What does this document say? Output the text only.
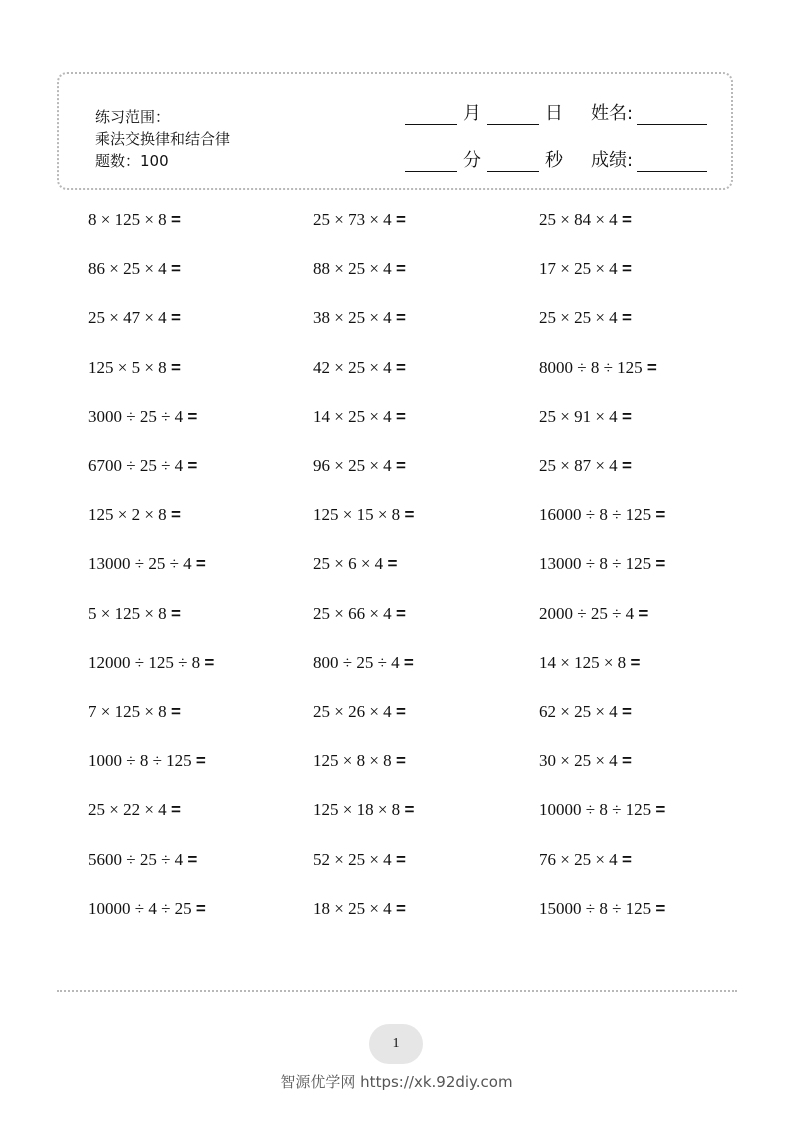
练习范围：
乘法交换律和结合律
题数：100
月	日 姓名:
分	秒 成绩:
8 × 125 × 8 =	25 × 73 × 4 =	25 × 84 × 4 =
86 × 25 × 4 =	88 × 25 × 4 =	17 × 25 × 4 =
25 × 47 × 4 =	38 × 25 × 4 =	25 × 25 × 4 =
125 × 5 × 8 =	42 × 25 × 4 =	8000 ÷ 8 ÷ 125 =
3000 ÷ 25 ÷ 4 =	14 × 25 × 4 =	25 × 91 × 4 =
6700 ÷ 25 ÷ 4 =	96 × 25 × 4 =	25 × 87 × 4 =
125 × 2 × 8 =	125 × 15 × 8 =	16000 ÷ 8 ÷ 125 =
13000 ÷ 25 ÷ 4 =	25 × 6 × 4 =	13000 ÷ 8 ÷ 125 =
5 × 125 × 8 =	25 × 66 × 4 =	2000 ÷ 25 ÷ 4 =
12000 ÷ 125 ÷ 8 =	800 ÷ 25 ÷ 4 =	14 × 125 × 8 =
7 × 125 × 8 =	25 × 26 × 4 =	62 × 25 × 4 =
1000 ÷ 8 ÷ 125 =	125 × 8 × 8 =	30 × 25 × 4 =
25 × 22 × 4 =	125 × 18 × 8 =	10000 ÷ 8 ÷ 125 =
5600 ÷ 25 ÷ 4 =	52 × 25 × 4 =	76 × 25 × 4 =
10000 ÷ 4 ÷ 25 =	18 × 25 × 4 =	15000 ÷ 8 ÷ 125 =
1
智源优学网 https://xk.92diy.com
